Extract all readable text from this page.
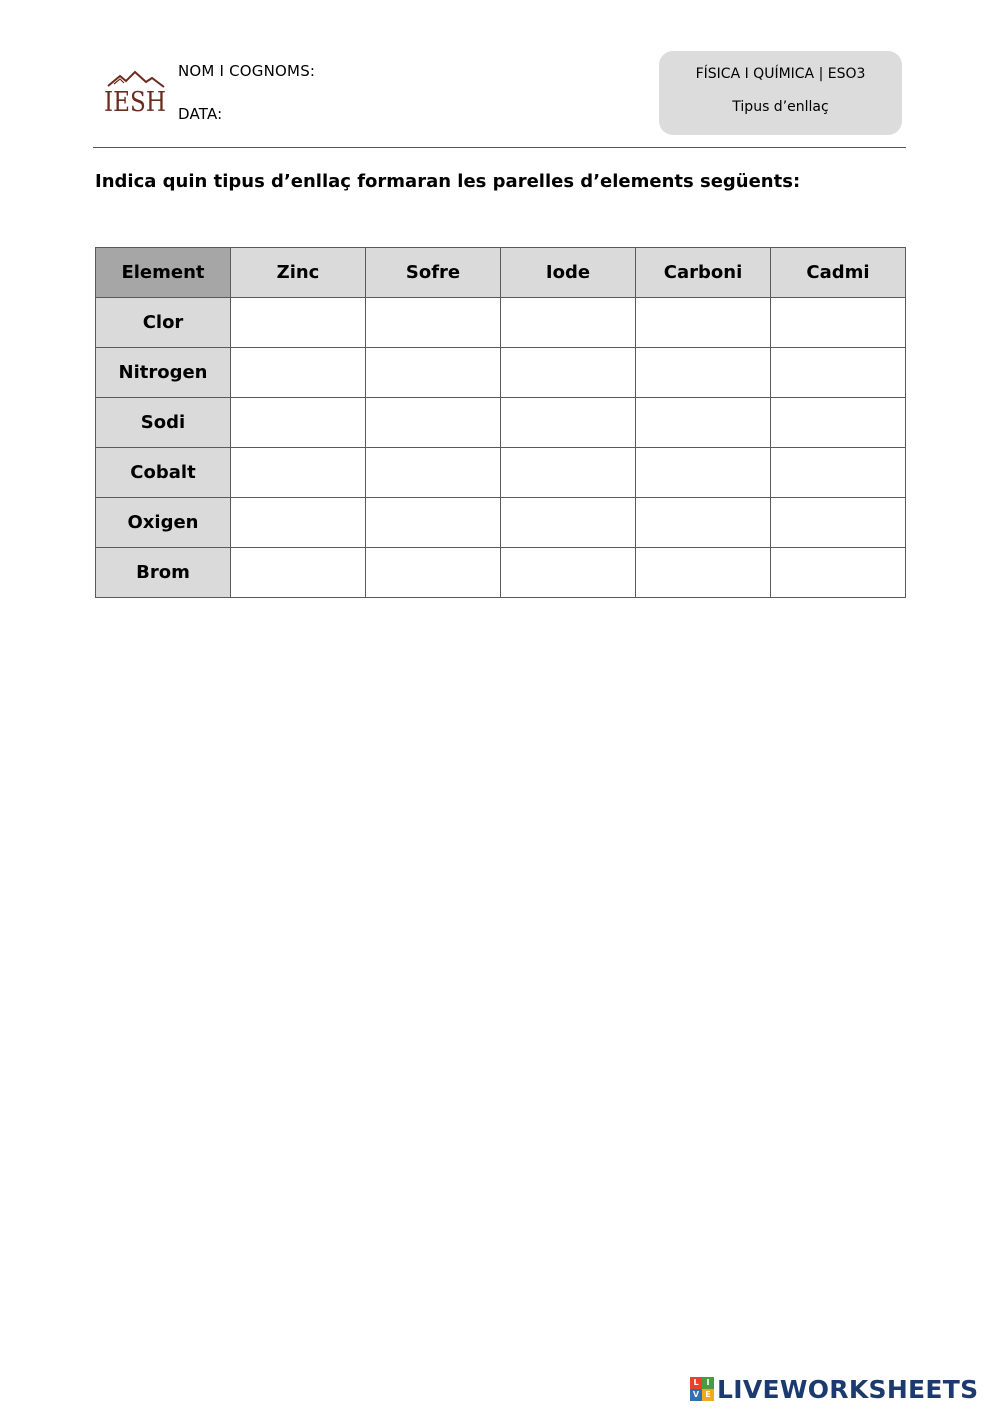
IESH
NOM I COGNOMS:
DATA:
FÍSICA I QUÍMICA | ESO3
Tipus d’enllaç
Indica quin tipus d’enllaç formaran les parelles d’elements següents:
Element	Zinc	Sofre	Iode	Carboni	Cadmi
Clor					
Nitrogen					
Sodi					
Cobalt					
Oxigen					
Brom					
L I
V E LIVEWORKSHEETS
